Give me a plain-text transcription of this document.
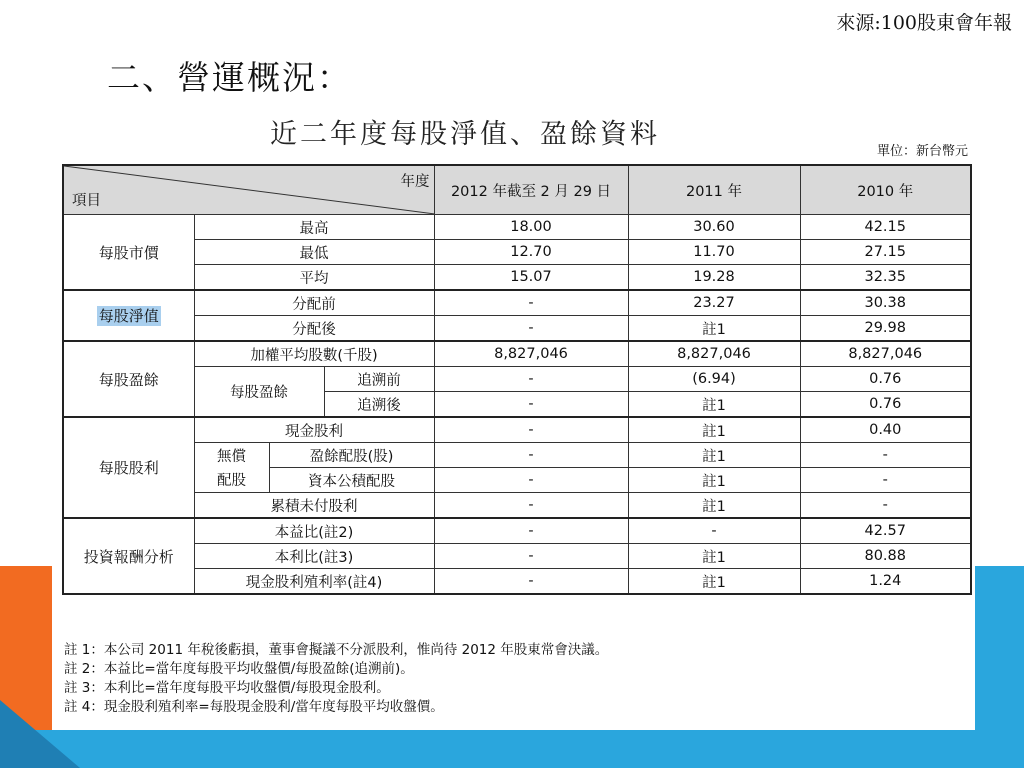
來源:100股東會年報
二、營運概況：
近二年度每股淨值、盈餘資料
單位：新台幣元
年度
項目				2012 年截至 2 月 29 日	2011 年	2010 年
每股市價	最高			18.00	30.60	42.15
	最低			12.70	11.70	27.15
	平均			15.07	19.28	32.35
每股淨值	分配前			-	23.27	30.38
	分配後			-	註1	29.98
每股盈餘	加權平均股數(千股)			8,827,046	8,827,046	8,827,046
	每股盈餘		追溯前	-	(6.94)	0.76
			追溯後	-	註1	0.76
每股股利	現金股利			-	註1	0.40
	無償	盈餘配股(股)		-	註1	-
	配股	資本公積配股		-	註1	-
	累積未付股利			-	註1	-
投資報酬分析	本益比(註2)			-	-	42.57
	本利比(註3)			-	註1	80.88
	現金股利殖利率(註4)			-	註1	1.24
註 1：本公司 2011 年稅後虧損，董事會擬議不分派股利，惟尚待 2012 年股東常會決議。
註 2：本益比=當年度每股平均收盤價/每股盈餘(追溯前)。
註 3：本利比=當年度每股平均收盤價/每股現金股利。
註 4：現金股利殖利率=每股現金股利/當年度每股平均收盤價。
